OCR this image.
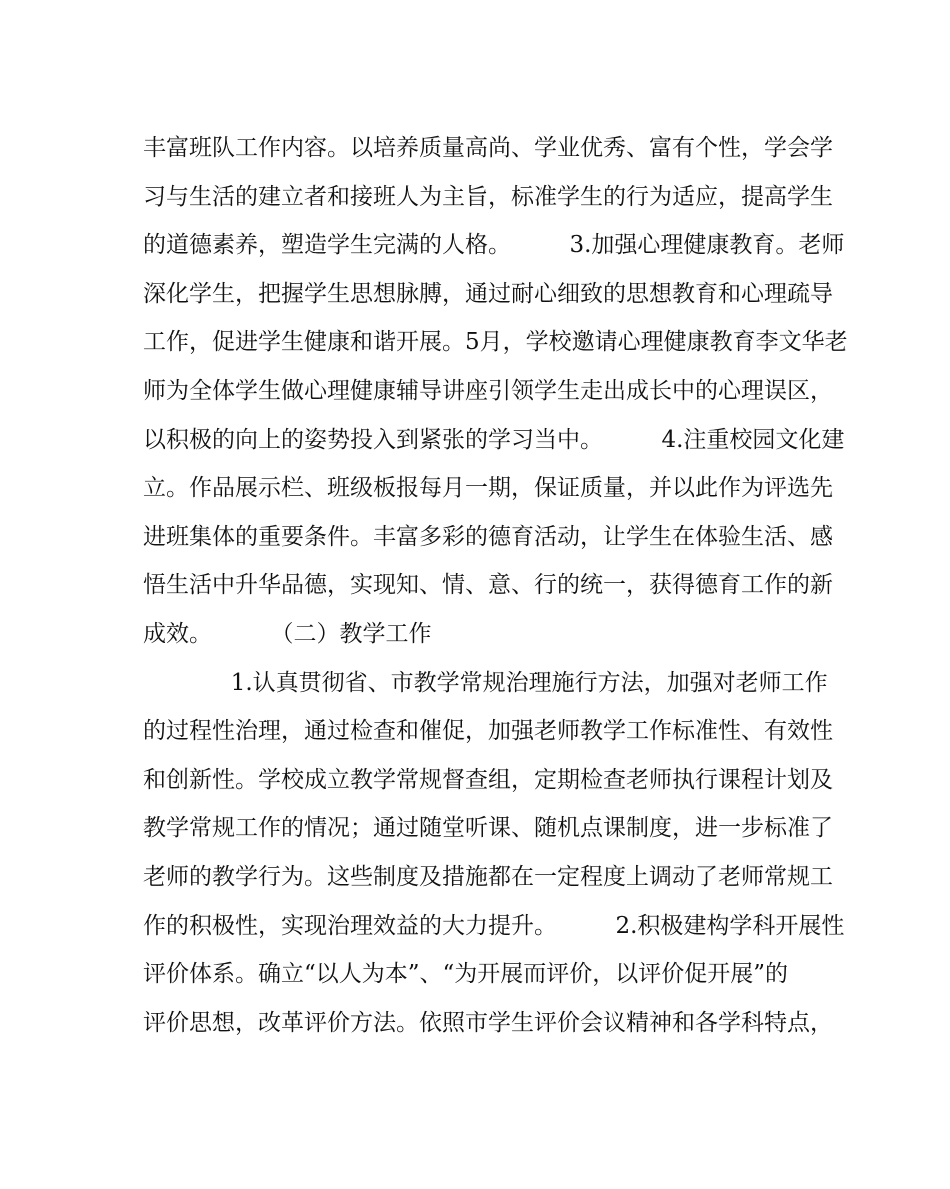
丰富班队工作内容。以培养质量高尚、学业优秀、富有个性，学会学
习与生活的建立者和接班人为主旨，标准学生的行为适应，提高学生
的道德素养，塑造学生完满的人格。        3.加强心理健康教育。老师
深化学生，把握学生思想脉膊，通过耐心细致的思想教育和心理疏导
工作，促进学生健康和谐开展。5月，学校邀请心理健康教育李文华老
师为全体学生做心理健康辅导讲座引领学生走出成长中的心理误区，
以积极的向上的姿势投入到紧张的学习当中。        4.注重校园文化建
立。作品展示栏、班级板报每月一期，保证质量，并以此作为评选先
进班集体的重要条件。丰富多彩的德育活动，让学生在体验生活、感
悟生活中升华品德，实现知、情、意、行的统一，获得德育工作的新
成效。        （二）教学工作
1.认真贯彻省、市教学常规治理施行方法，加强对老师工作
的过程性治理，通过检查和催促，加强老师教学工作标准性、有效性
和创新性。学校成立教学常规督查组，定期检查老师执行课程计划及
教学常规工作的情况；通过随堂听课、随机点课制度，进一步标准了
老师的教学行为。这些制度及措施都在一定程度上调动了老师常规工
作的积极性，实现治理效益的大力提升。        2.积极建构学科开展性
评价体系。确立“以人为本”、“为开展而评价，以评价促开展”的
评价思想，改革评价方法。依照市学生评价会议精神和各学科特点，
